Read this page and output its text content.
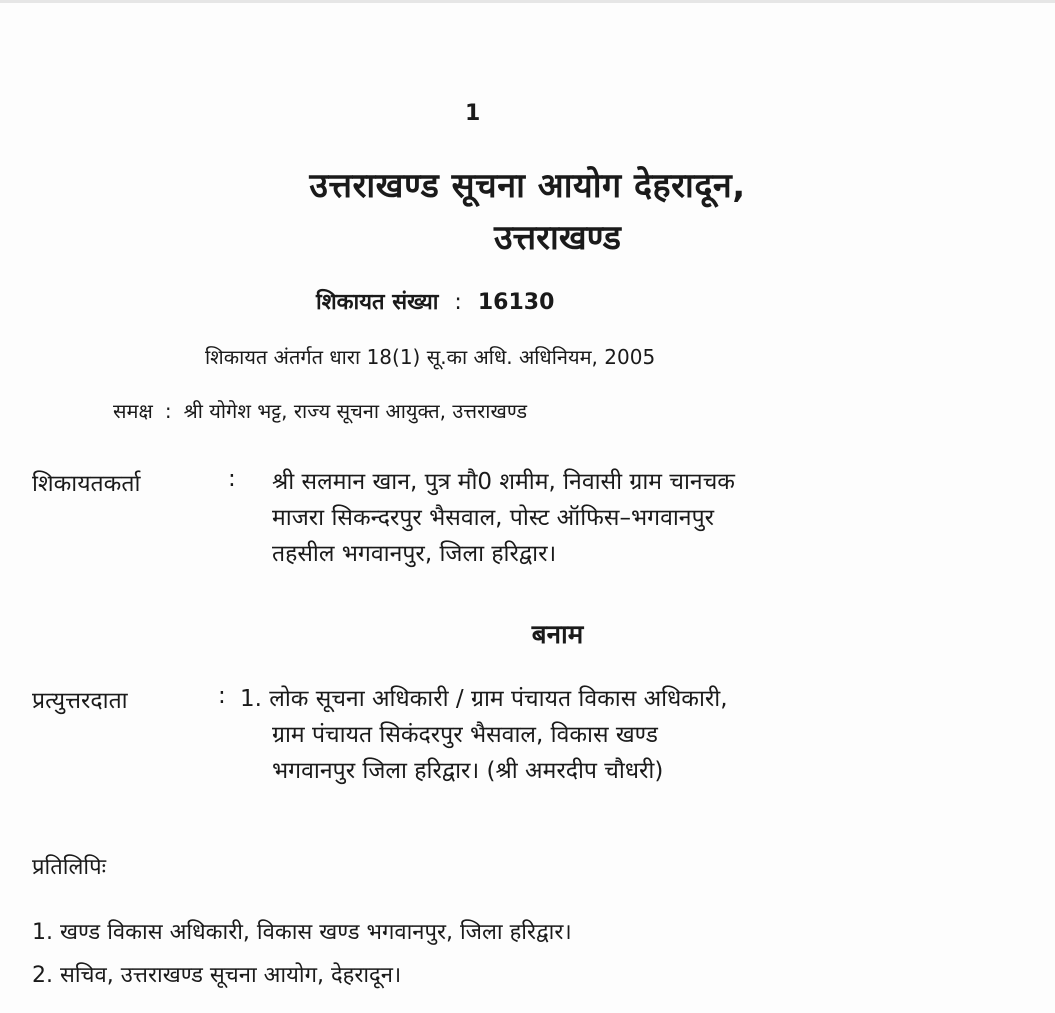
1
उत्तराखण्ड सूचना आयोग देहरादून,
उत्तराखण्ड
शिकायत संख्या : 16130
शिकायत अंतर्गत धारा 18(1) सू.का अधि. अधिनियम, 2005
समक्ष : श्री योगेश भट्ट, राज्य सूचना आयुक्त, उत्तराखण्ड
शिकायतकर्ता	: श्री सलमान खान, पुत्र मौ0 शमीम, निवासी ग्राम चानचक
माजरा सिकन्दरपुर भैसवाल, पोस्ट ऑफिस–भगवानपुर
तहसील भगवानपुर, जिला हरिद्वार।
बनाम
प्रत्युत्तरदाता	: 1. लोक सूचना अधिकारी / ग्राम पंचायत विकास अधिकारी,
ग्राम पंचायत सिकंदरपुर भैसवाल, विकास खण्ड
भगवानपुर जिला हरिद्वार। (श्री अमरदीप चौधरी)
प्रतिलिपिः
1. खण्ड विकास अधिकारी, विकास खण्ड भगवानपुर, जिला हरिद्वार।
2. सचिव, उत्तराखण्ड सूचना आयोग, देहरादून।
